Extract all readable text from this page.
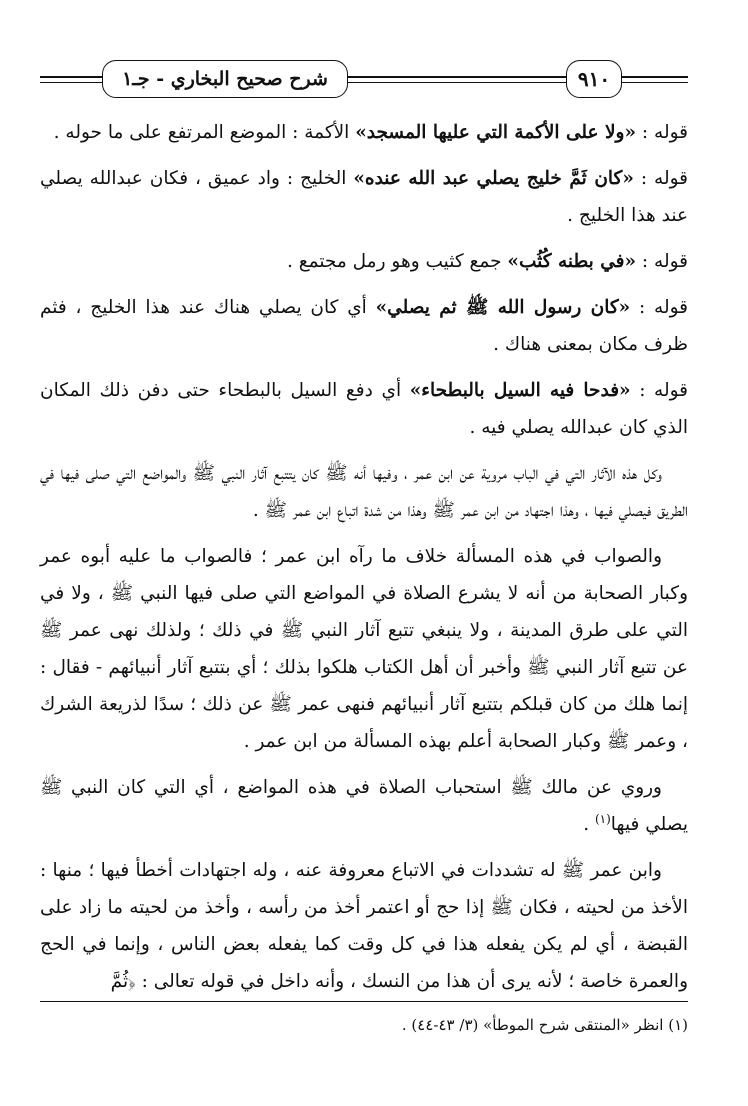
شرح صحيح البخاري - جـ١	٩١٠

قوله : «ولا على الأكمة التي عليها المسجد» الأكمة : الموضع المرتفع على ما حوله .

قوله : «كان ثَمَّ خليج يصلي عبد الله عنده» الخليج : واد عميق ، فكان عبدالله يصلي عند هذا الخليج .

قوله : «في بطنه كُثُب» جمع كثيب وهو رمل مجتمع .

قوله : «كان رسول الله ﷺ ثم يصلي» أي كان يصلي هناك عند هذا الخليج ، فثم ظرف مكان بمعنى هناك .

قوله : «فدحا فيه السيل بالبطحاء» أي دفع السيل بالبطحاء حتى دفن ذلك المكان الذي كان عبدالله يصلي فيه .

وكل هذه الآثار التي في الباب مروية عن ابن عمر ، وفيها أنه ﷺ كان يتتبع آثار النبي ﷺ والمواضع التي صلى فيها في الطريق فيصلي فيها ، وهذا اجتهاد من ابن عمر ﷺ وهذا من شدة اتباع ابن عمر ﷺ .

والصواب في هذه المسألة خلاف ما رآه ابن عمر ؛ فالصواب ما عليه أبوه عمر وكبار الصحابة من أنه لا يشرع الصلاة في المواضع التي صلى فيها النبي ﷺ ، ولا في التي على طرق المدينة ، ولا ينبغي تتبع آثار النبي ﷺ في ذلك ؛ ولذلك نهى عمر ﷺ عن تتبع آثار النبي ﷺ وأخبر أن أهل الكتاب هلكوا بذلك ؛ أي بتتبع آثار أنبيائهم - فقال : إنما هلك من كان قبلكم بتتبع آثار أنبيائهم فنهى عمر ﷺ عن ذلك ؛ سدًا لذريعة الشرك ، وعمر ﷺ وكبار الصحابة أعلم بهذه المسألة من ابن عمر .

وروي عن مالك ﷺ استحباب الصلاة في هذه المواضع ، أي التي كان النبي ﷺ يصلي فيها$^{(١)}$ .

وابن عمر ﷺ له تشددات في الاتباع معروفة عنه ، وله اجتهادات أخطأ فيها ؛ منها : الأخذ من لحيته ، فكان ﷺ إذا حج أو اعتمر أخذ من رأسه ، وأخذ من لحيته ما زاد على القبضة ، أي لم يكن يفعله هذا في كل وقت كما يفعله بعض الناس ، وإنما في الحج والعمرة خاصة ؛ لأنه يرى أن هذا من النسك ، وأنه داخل في قوله تعالى : ﴿ثُمَّ

(١) انظر «المنتقى شرح الموطأ» (٣/ ٤٣-٤٤) .
